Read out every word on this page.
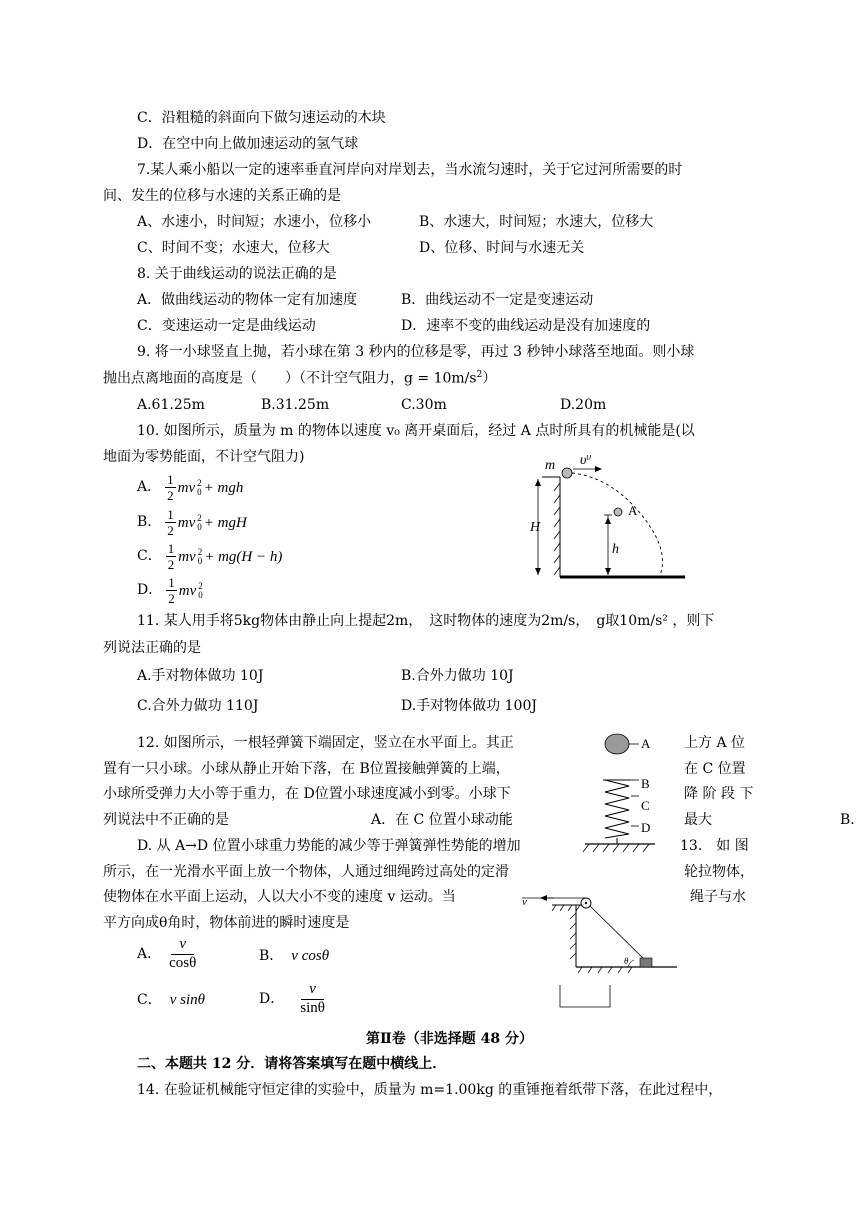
C．沿粗糙的斜面向下做匀速运动的木块
D．在空中向上做加速运动的氢气球
7.某人乘小船以一定的速率垂直河岸向对岸划去，当水流匀速时，关于它过河所需要的时
间、发生的位移与水速的关系正确的是
A、水速小，时间短；水速小，位移小	B、水速大，时间短；水速大，位移大
C、时间不变；水速大，位移大	D、位移、时间与水速无关
8. 关于曲线运动的说法正确的是
A．做曲线运动的物体一定有加速度	B．曲线运动不一定是变速运动
C．变速运动一定是曲线运动	D．速率不变的曲线运动是没有加速度的
9. 将一小球竖直上抛，若小球在第 3 秒内的位移是零，再过 3 秒钟小球落至地面。则小球
抛出点离地面的高度是（　　）（不计空气阻力，$g = 10m/s^2$）
A.61.25m	B.31.25m	C.30m	D.20m
10. 如图所示，质量为 m 的物体以速度 v₀ 离开桌面后，经过 A 点时所具有的机械能是(以
地面为零势能面，不计空气阻力)
A． $\frac{1}{2}$ mv 2
0 + mgh
B． $\frac{1}{2}$ mv 2
0 + mgH
C． $\frac{1}{2}$ mv 2
0 + mg(H − h)
D． $\frac{1}{2}$ mv 2
0
H
m $\upsilon^0$
A
h
11. 某人用手将5kg物体由静止向上提起2m，　这时物体的速度为2m/s，　g取10m/s² ，则下
列说法正确的是
A.手对物体做功 10J	B.合外力做功 10J
C.合外力做功 110J	D.手对物体做功 100J
12. 如图所示，一根轻弹簧下端固定，竖立在水平面上。其正	上方 A 位
置有一只小球。小球从静止开始下落，在 B位置接触弹簧的上端，	在 C 位置
小球所受弹力大小等于重力，在 D位置小球速度减小到零。小球下	降 阶 段 下
列说法中不正确的是	A．在 C 位置小球动能	最大	B.
D. 从 A→D 位置小球重力势能的减少等于弹簧弹性势能的增加	13.　如 图
A
B
C
D
所示，在一光滑水平面上放一个物体，人通过细绳跨过高处的定滑	轮拉物体，
使物体在水平面上运动，人以大小不变的速度 v 运动。当	绳子与水
平方向成θ角时，物体前进的瞬时速度是
A． $\frac{v}{\cos\theta}$	B． v cosθ
C． v sinθ	D． $\frac{v}{\sin\theta}$
v
θ
第Ⅱ卷（非选择题 48 分）
二、本题共 12 分．请将答案填写在题中横线上．
14. 在验证机械能守恒定律的实验中，质量为 m=1.00kg 的重锤拖着纸带下落，在此过程中，
